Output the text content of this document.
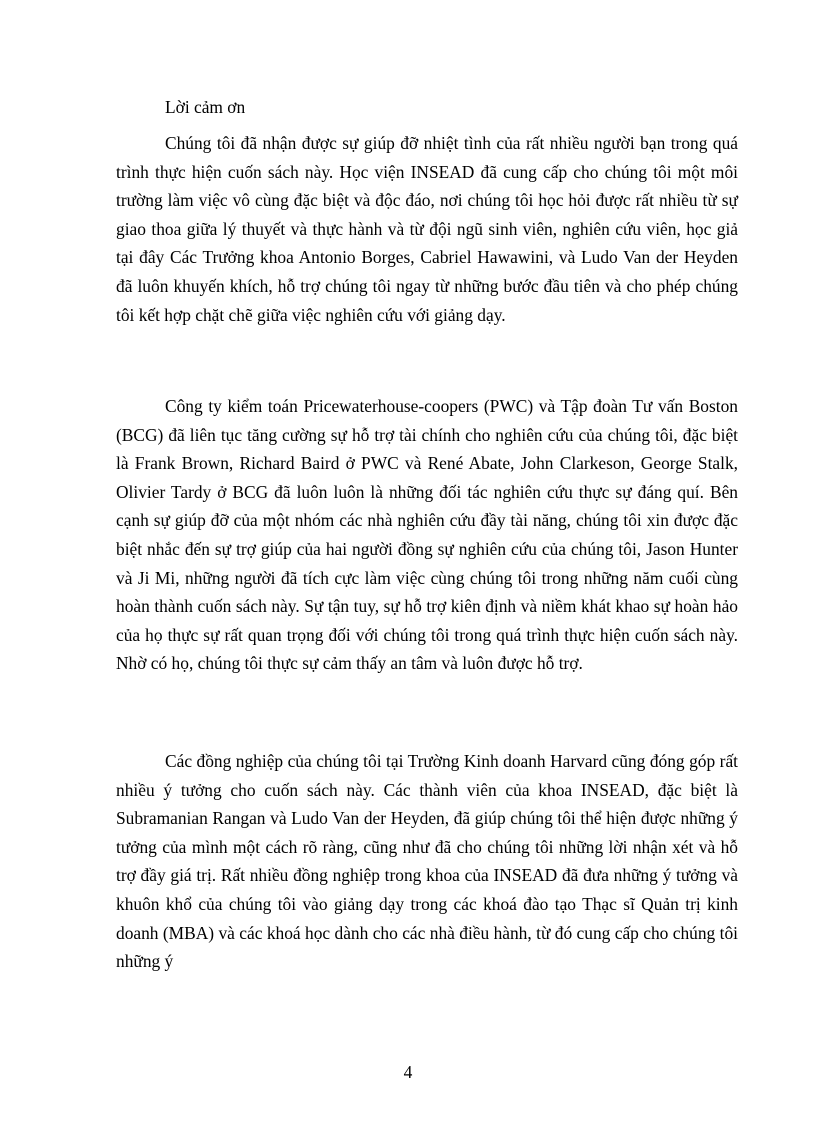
Lời cảm ơn

Chúng tôi đã nhận được sự giúp đỡ nhiệt tình của rất nhiều người bạn trong quá trình thực hiện cuốn sách này. Học viện INSEAD đã cung cấp cho chúng tôi một môi trường làm việc vô cùng đặc biệt và độc đáo, nơi chúng tôi học hỏi được rất nhiều từ sự giao thoa giữa lý thuyết và thực hành và từ đội ngũ sinh viên, nghiên cứu viên, học giả tại đây Các Trưởng khoa Antonio Borges, Cabriel Hawawini, và Ludo Van der Heyden đã luôn khuyến khích, hỗ trợ chúng tôi ngay từ những bước đầu tiên và cho phép chúng tôi kết hợp chặt chẽ giữa việc nghiên cứu với giảng dạy.

Công ty kiểm toán Pricewaterhouse-coopers (PWC) và Tập đoàn Tư vấn Boston (BCG) đã liên tục tăng cường sự hỗ trợ tài chính cho nghiên cứu của chúng tôi, đặc biệt là Frank Brown, Richard Baird ở PWC và René Abate, John Clarkeson, George Stalk, Olivier Tardy ở BCG đã luôn luôn là những đối tác nghiên cứu thực sự đáng quí. Bên cạnh sự giúp đỡ của một nhóm các nhà nghiên cứu đầy tài năng, chúng tôi xin được đặc biệt nhắc đến sự trợ giúp của hai người đồng sự nghiên cứu của chúng tôi, Jason Hunter và Ji Mi, những người đã tích cực làm việc cùng chúng tôi trong những năm cuối cùng hoàn thành cuốn sách này. Sự tận tuy, sự hỗ trợ kiên định và niềm khát khao sự hoàn hảo của họ thực sự rất quan trọng đối với chúng tôi trong quá trình thực hiện cuốn sách này. Nhờ có họ, chúng tôi thực sự cảm thấy an tâm và luôn được hỗ trợ.

Các đồng nghiệp của chúng tôi tại Trường Kinh doanh Harvard cũng đóng góp rất nhiều ý tưởng cho cuốn sách này. Các thành viên của khoa INSEAD, đặc biệt là Subramanian Rangan và Ludo Van der Heyden, đã giúp chúng tôi thể hiện được những ý tưởng của mình một cách rõ ràng, cũng như đã cho chúng tôi những lời nhận xét và hỗ trợ đầy giá trị. Rất nhiều đồng nghiệp trong khoa của INSEAD đã đưa những ý tưởng và khuôn khổ của chúng tôi vào giảng dạy trong các khoá đào tạo Thạc sĩ Quản trị kinh doanh (MBA) và các khoá học dành cho các nhà điều hành, từ đó cung cấp cho chúng tôi những ý

4
